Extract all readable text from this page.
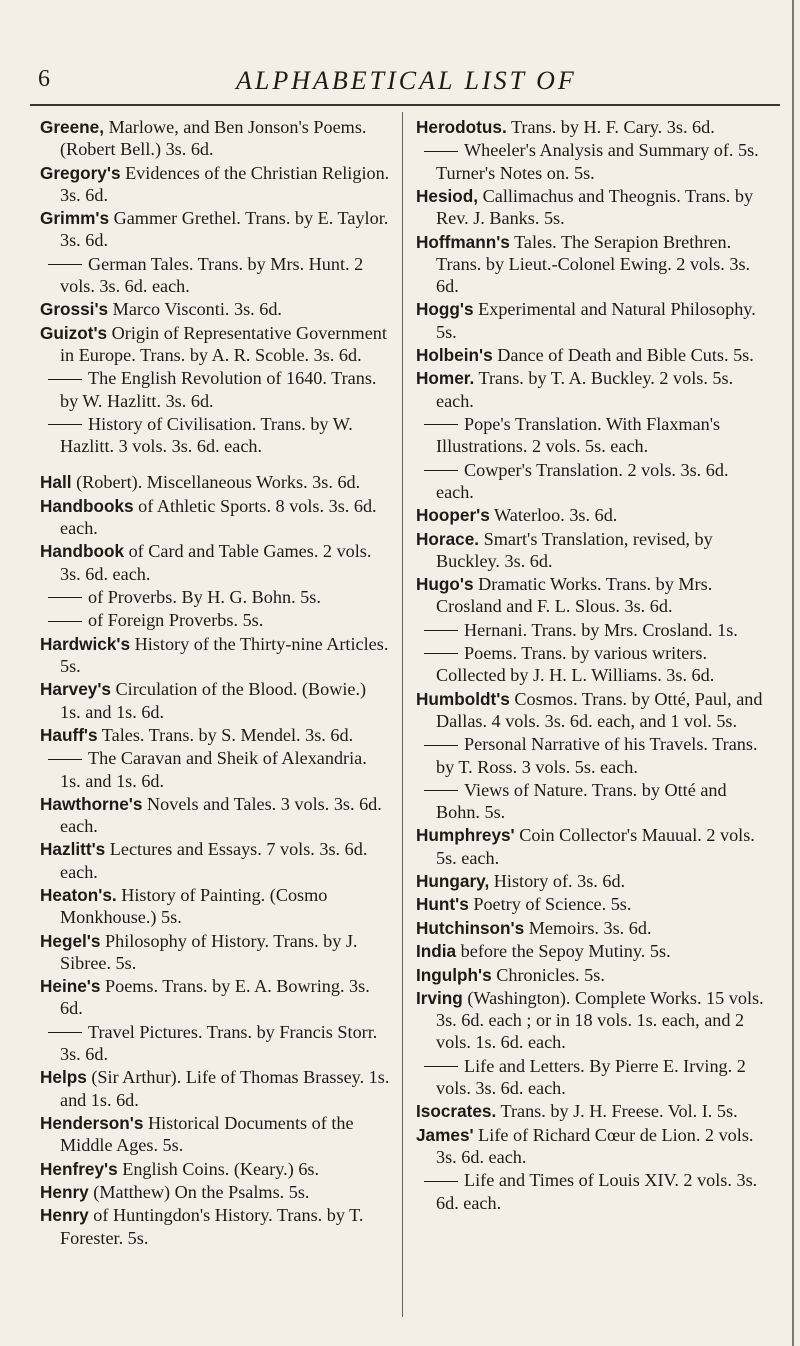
6	ALPHABETICAL LIST OF

Greene, Marlowe, and Ben Jonson's Poems. (Robert Bell.) 3s. 6d.

Gregory's Evidences of the Christian Religion. 3s. 6d.

Grimm's Gammer Grethel. Trans. by E. Taylor. 3s. 6d.

German Tales. Trans. by Mrs. Hunt. 2 vols. 3s. 6d. each.

Grossi's Marco Visconti. 3s. 6d.

Guizot's Origin of Representative Government in Europe. Trans. by A. R. Scoble. 3s. 6d.

The English Revolution of 1640. Trans. by W. Hazlitt. 3s. 6d.

History of Civilisation. Trans. by W. Hazlitt. 3 vols. 3s. 6d. each.

Hall (Robert). Miscellaneous Works. 3s. 6d.

Handbooks of Athletic Sports. 8 vols. 3s. 6d. each.

Handbook of Card and Table Games. 2 vols. 3s. 6d. each.

of Proverbs. By H. G. Bohn. 5s.

of Foreign Proverbs. 5s.

Hardwick's History of the Thirty-nine Articles. 5s.

Harvey's Circulation of the Blood. (Bowie.) 1s. and 1s. 6d.

Hauff's Tales. Trans. by S. Mendel. 3s. 6d.

The Caravan and Sheik of Alexandria. 1s. and 1s. 6d.

Hawthorne's Novels and Tales. 3 vols. 3s. 6d. each.

Hazlitt's Lectures and Essays. 7 vols. 3s. 6d. each.

Heaton's. History of Painting. (Cosmo Monkhouse.) 5s.

Hegel's Philosophy of History. Trans. by J. Sibree. 5s.

Heine's Poems. Trans. by E. A. Bowring. 3s. 6d.

Travel Pictures. Trans. by Francis Storr. 3s. 6d.

Helps (Sir Arthur). Life of Thomas Brassey. 1s. and 1s. 6d.

Henderson's Historical Documents of the Middle Ages. 5s.

Henfrey's English Coins. (Keary.) 6s.

Henry (Matthew) On the Psalms. 5s.

Henry of Huntingdon's History. Trans. by T. Forester. 5s.

Herodotus. Trans. by H. F. Cary. 3s. 6d.

Wheeler's Analysis and Summary of. 5s. Turner's Notes on. 5s.

Hesiod, Callimachus and Theognis. Trans. by Rev. J. Banks. 5s.

Hoffmann's Tales. The Serapion Brethren. Trans. by Lieut.-Colonel Ewing. 2 vols. 3s. 6d.

Hogg's Experimental and Natural Philosophy. 5s.

Holbein's Dance of Death and Bible Cuts. 5s.

Homer. Trans. by T. A. Buckley. 2 vols. 5s. each.

Pope's Translation. With Flaxman's Illustrations. 2 vols. 5s. each.

Cowper's Translation. 2 vols. 3s. 6d. each.

Hooper's Waterloo. 3s. 6d.

Horace. Smart's Translation, revised, by Buckley. 3s. 6d.

Hugo's Dramatic Works. Trans. by Mrs. Crosland and F. L. Slous. 3s. 6d.

Hernani. Trans. by Mrs. Crosland. 1s.

Poems. Trans. by various writers. Collected by J. H. L. Williams. 3s. 6d.

Humboldt's Cosmos. Trans. by Otté, Paul, and Dallas. 4 vols. 3s. 6d. each, and 1 vol. 5s.

Personal Narrative of his Travels. Trans. by T. Ross. 3 vols. 5s. each.

Views of Nature. Trans. by Otté and Bohn. 5s.

Humphreys' Coin Collector's Mauual. 2 vols. 5s. each.

Hungary, History of. 3s. 6d.

Hunt's Poetry of Science. 5s.

Hutchinson's Memoirs. 3s. 6d.

India before the Sepoy Mutiny. 5s.

Ingulph's Chronicles. 5s.

Irving (Washington). Complete Works. 15 vols. 3s. 6d. each ; or in 18 vols. 1s. each, and 2 vols. 1s. 6d. each.

Life and Letters. By Pierre E. Irving. 2 vols. 3s. 6d. each.

Isocrates. Trans. by J. H. Freese. Vol. I. 5s.

James' Life of Richard Cœur de Lion. 2 vols. 3s. 6d. each.

Life and Times of Louis XIV. 2 vols. 3s. 6d. each.
